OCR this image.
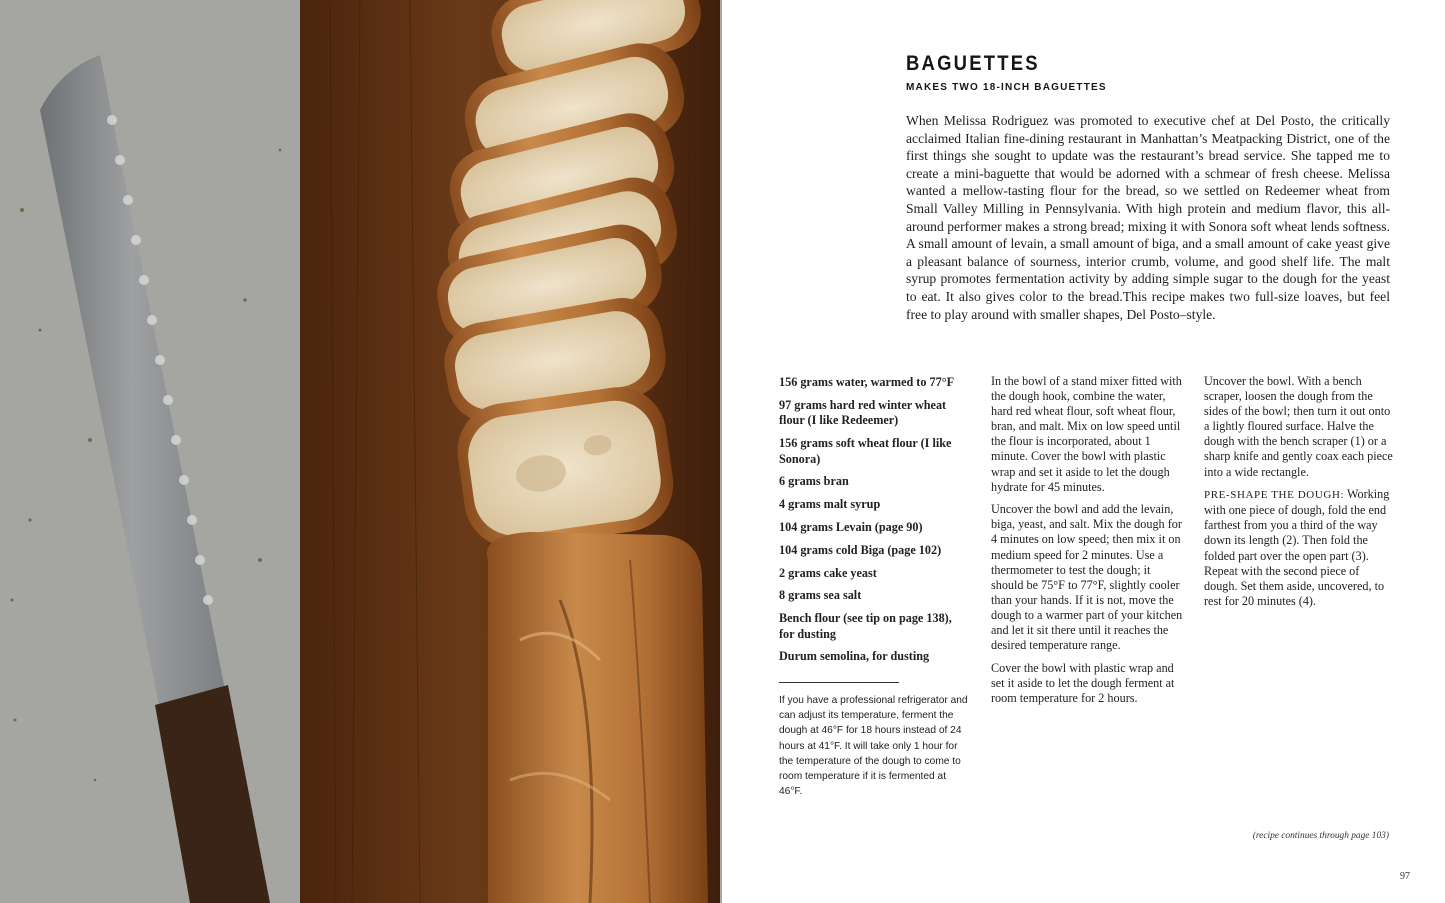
BAGUETTES
MAKES TWO 18-INCH BAGUETTES
When Melissa Rodriguez was promoted to executive chef at Del Posto, the critically acclaimed Italian fine-dining restaurant in Manhattan’s Meatpacking District, one of the first things she sought to update was the restaurant’s bread service. She tapped me to create a mini-baguette that would be adorned with a schmear of fresh cheese. Melissa wanted a mellow-tasting flour for the bread, so we settled on Redeemer wheat from Small Valley Milling in Pennsylvania. With high protein and medium flavor, this all-around performer makes a strong bread; mixing it with Sonora soft wheat lends softness. A small amount of levain, a small amount of biga, and a small amount of cake yeast give a pleasant balance of sourness, interior crumb, volume, and good shelf life. The malt syrup promotes fermentation activity by adding simple sugar to the dough for the yeast to eat. It also gives color to the bread.This recipe makes two full-size loaves, but feel free to play around with smaller shapes, Del Posto–style.
156 grams water, warmed to 77°F
97 grams hard red winter wheat flour (I like Redeemer)
156 grams soft wheat flour (I like Sonora)
6 grams bran
4 grams malt syrup
104 grams Levain (page 90)
104 grams cold Biga (page 102)
2 grams cake yeast
8 grams sea salt
Bench flour (see tip on page 138), for dusting
Durum semolina, for dusting
If you have a professional refrigerator and can adjust its temperature, ferment the dough at 46°F for 18 hours instead of 24 hours at 41°F. It will take only 1 hour for the temperature of the dough to come to room temperature if it is fermented at 46°F.

In the bowl of a stand mixer fitted with the dough hook, combine the water, hard red wheat flour, soft wheat flour, bran, and malt. Mix on low speed until the flour is incorporated, about 1 minute. Cover the bowl with plastic wrap and set it aside to let the dough hydrate for 45 minutes.

Uncover the bowl and add the levain, biga, yeast, and salt. Mix the dough for 4 minutes on low speed; then mix it on medium speed for 2 minutes. Use a thermometer to test the dough; it should be 75°F to 77°F, slightly cooler than your hands. If it is not, move the dough to a warmer part of your kitchen and let it sit there until it reaches the desired temperature range.

Cover the bowl with plastic wrap and set it aside to let the dough ferment at room temperature for 2 hours.

Uncover the bowl. With a bench scraper, loosen the dough from the sides of the bowl; then turn it out onto a lightly floured surface. Halve the dough with the bench scraper (1) or a sharp knife and gently coax each piece into a wide rectangle.

PRE-SHAPE THE DOUGH: Working with one piece of dough, fold the end farthest from you a third of the way down its length (2). Then fold the folded part over the open part (3). Repeat with the second piece of dough. Set them aside, uncovered, to rest for 20 minutes (4).

(recipe continues through page 103)
97
